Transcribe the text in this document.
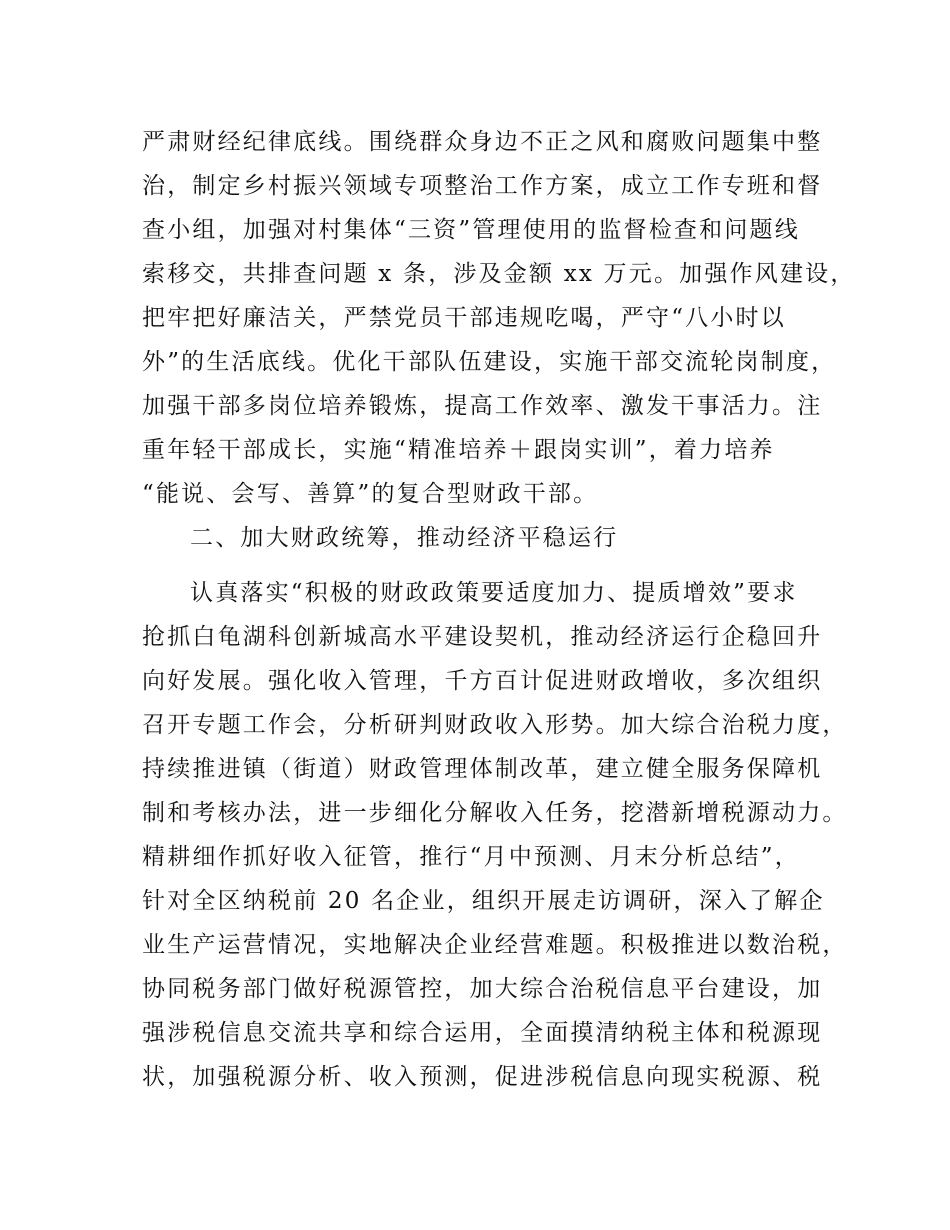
严肃财经纪律底线。围绕群众身边不正之风和腐败问题集中整
治，制定乡村振兴领域专项整治工作方案，成立工作专班和督
查小组，加强对村集体“三资”管理使用的监督检查和问题线
索移交，共排查问题 x 条，涉及金额 xx 万元。加强作风建设，
把牢把好廉洁关，严禁党员干部违规吃喝，严守“八小时以
外”的生活底线。优化干部队伍建设，实施干部交流轮岗制度，
加强干部多岗位培养锻炼，提高工作效率、激发干事活力。注
重年轻干部成长，实施“精准培养＋跟岗实训”，着力培养
“能说、会写、善算”的复合型财政干部。
二、加大财政统筹，推动经济平稳运行
认真落实“积极的财政政策要适度加力、提质增效”要求
抢抓白龟湖科创新城高水平建设契机，推动经济运行企稳回升
向好发展。强化收入管理，千方百计促进财政增收，多次组织
召开专题工作会，分析研判财政收入形势。加大综合治税力度，
持续推进镇（街道）财政管理体制改革，建立健全服务保障机
制和考核办法，进一步细化分解收入任务，挖潜新增税源动力。
精耕细作抓好收入征管，推行“月中预测、月末分析总结”，
针对全区纳税前 20 名企业，组织开展走访调研，深入了解企
业生产运营情况，实地解决企业经营难题。积极推进以数治税，
协同税务部门做好税源管控，加大综合治税信息平台建设，加
强涉税信息交流共享和综合运用，全面摸清纳税主体和税源现
状，加强税源分析、收入预测，促进涉税信息向现实税源、税
